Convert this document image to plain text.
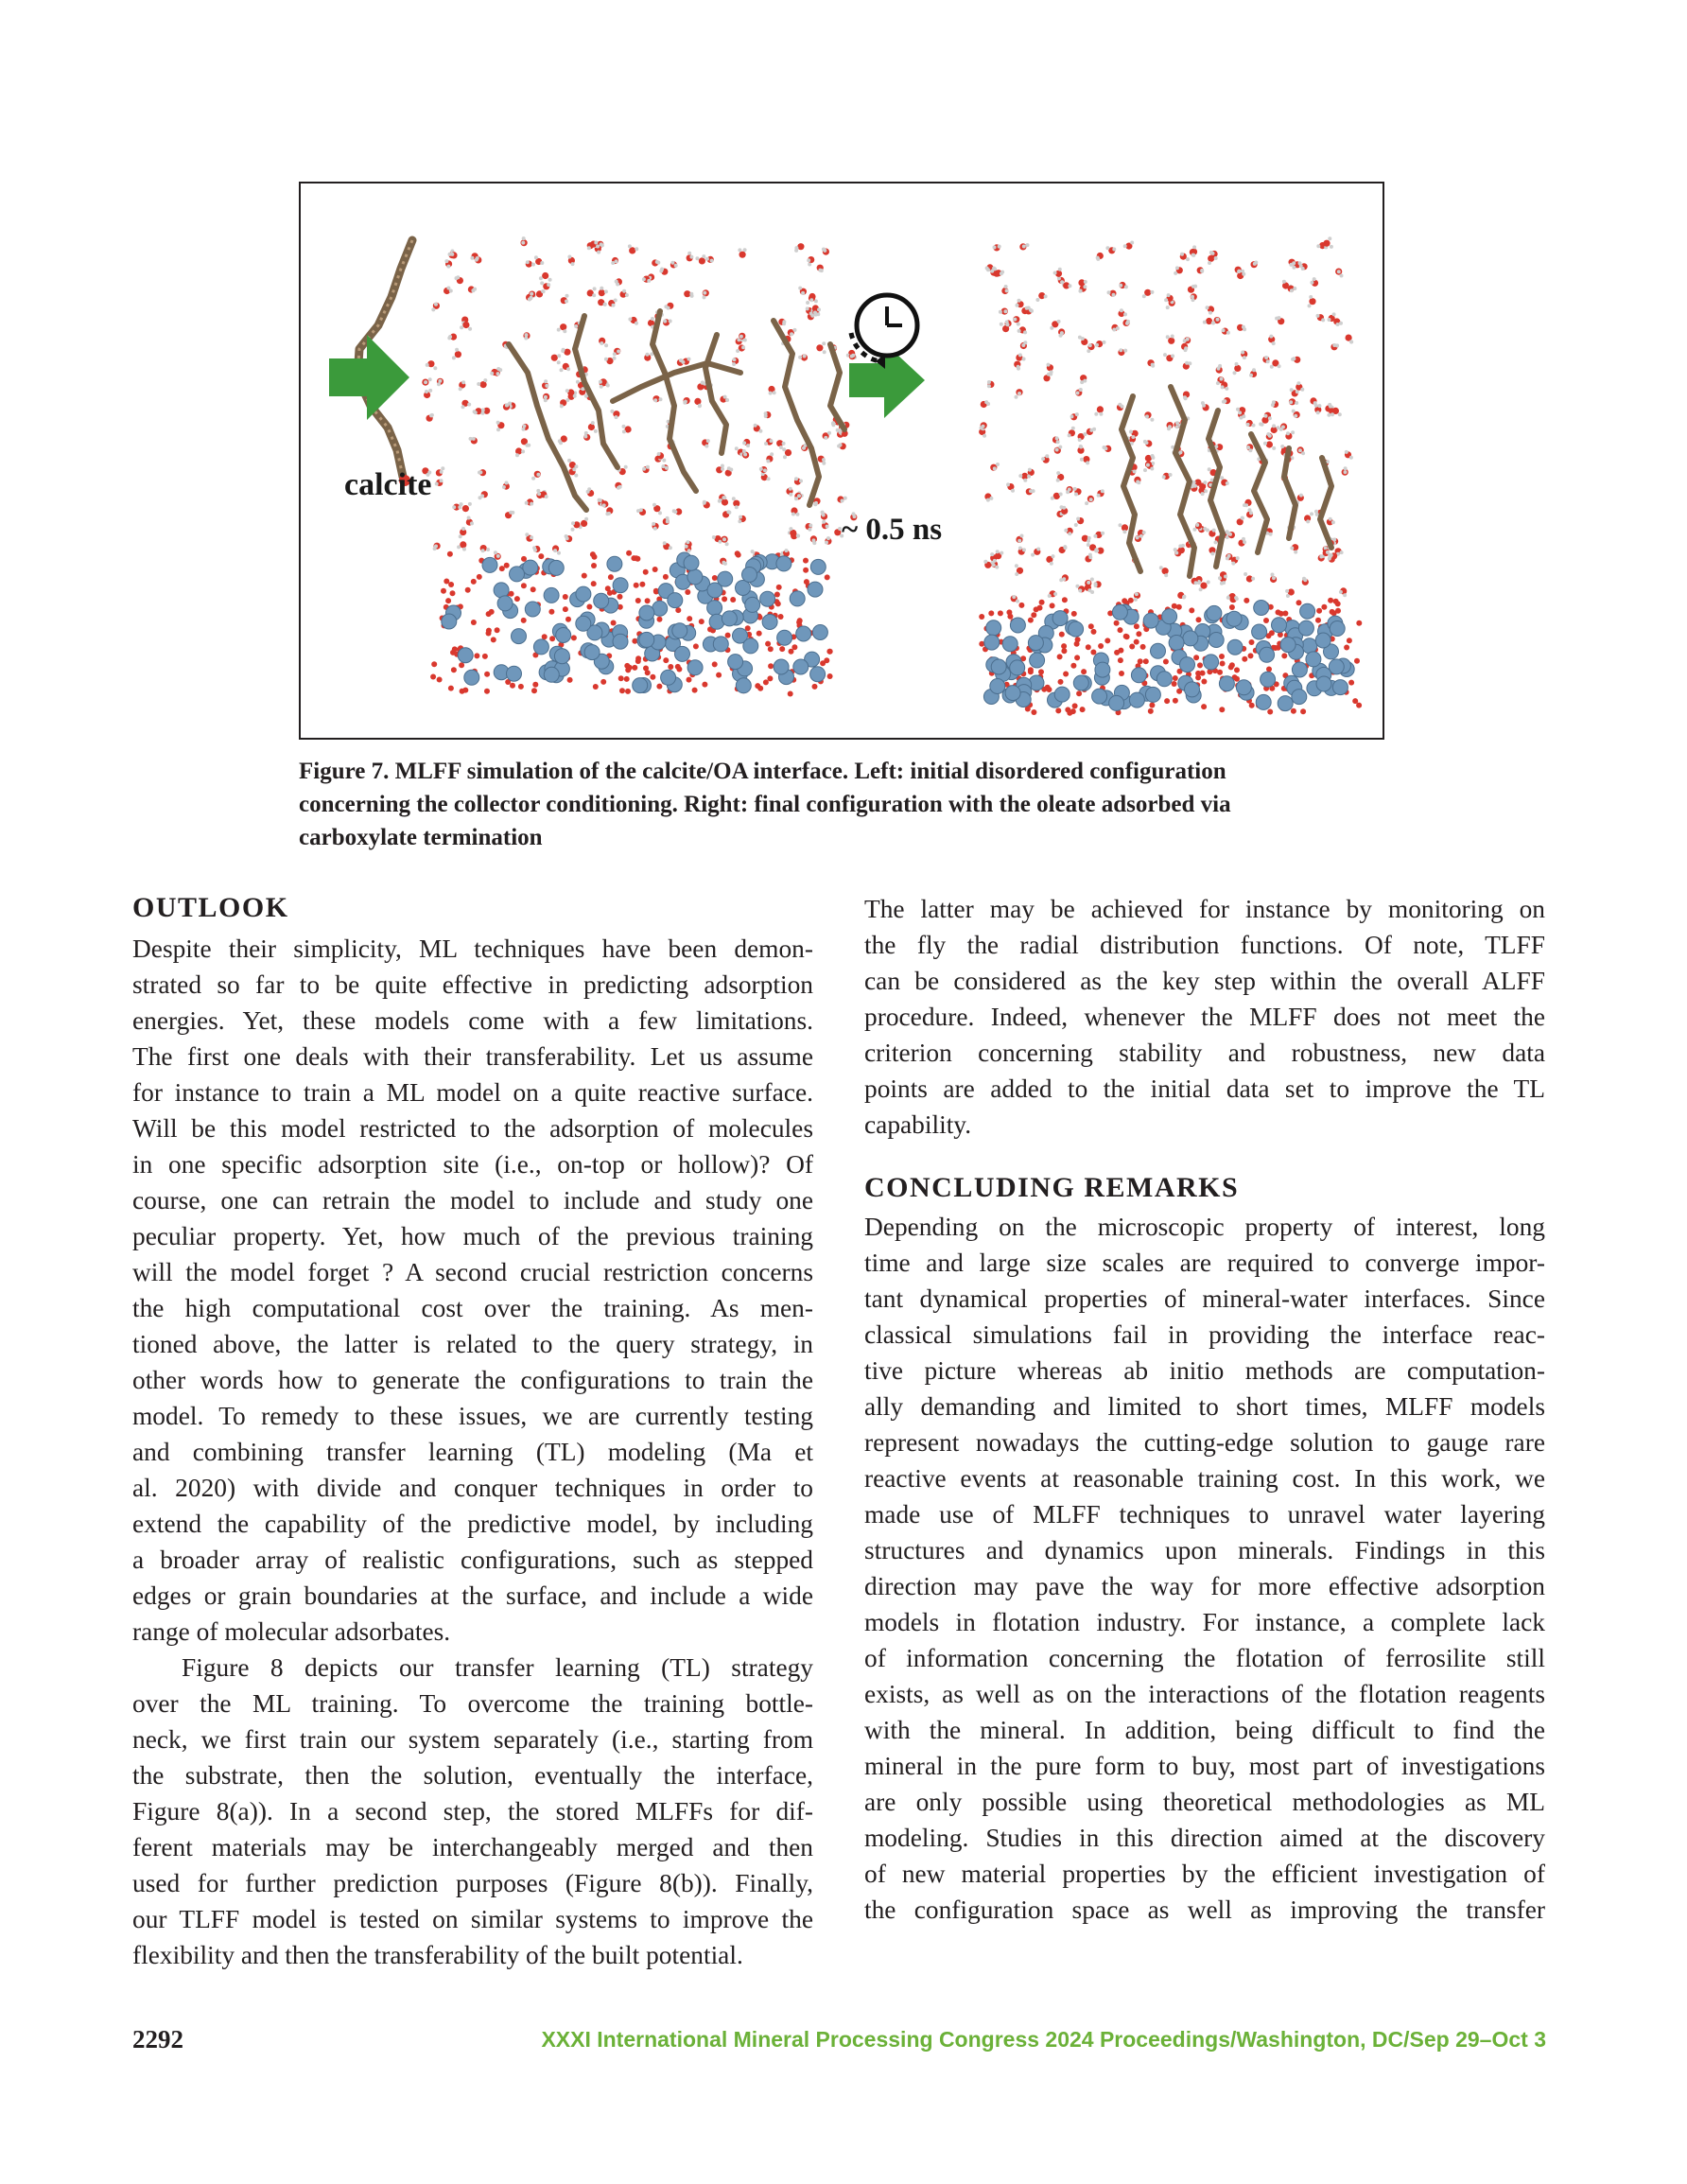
calcite
~ 0.5 ns
Figure 7. MLFF simulation of the calcite/OA interface. Left: initial disordered configuration
concerning the collector conditioning. Right: final configuration with the oleate adsorbed via
carboxylate termination
OUTLOOK
Despite their simplicity, ML techniques have been demon-
strated so far to be quite effective in predicting adsorption
energies. Yet, these models come with a few limitations.
The first one deals with their transferability. Let us assume
for instance to train a ML model on a quite reactive surface.
Will be this model restricted to the adsorption of molecules
in one specific adsorption site (i.e., on-top or hollow)? Of
course, one can retrain the model to include and study one
peculiar property. Yet, how much of the previous training
will the model forget ? A second crucial restriction concerns
the high computational cost over the training. As men-
tioned above, the latter is related to the query strategy, in
other words how to generate the configurations to train the
model. To remedy to these issues, we are currently testing
and combining transfer learning (TL) modeling (Ma et
al. 2020) with divide and conquer techniques in order to
extend the capability of the predictive model, by including
a broader array of realistic configurations, such as stepped
edges or grain boundaries at the surface, and include a wide
range of molecular adsorbates.
Figure 8 depicts our transfer learning (TL) strategy
over the ML training. To overcome the training bottle-
neck, we first train our system separately (i.e., starting from
the substrate, then the solution, eventually the interface,
Figure 8(a)). In a second step, the stored MLFFs for dif-
ferent materials may be interchangeably merged and then
used for further prediction purposes (Figure 8(b)). Finally,
our TLFF model is tested on similar systems to improve the
flexibility and then the transferability of the built potential.
The latter may be achieved for instance by monitoring on
the fly the radial distribution functions. Of note, TLFF
can be considered as the key step within the overall ALFF
procedure. Indeed, whenever the MLFF does not meet the
criterion concerning stability and robustness, new data
points are added to the initial data set to improve the TL
capability.
CONCLUDING REMARKS
Depending on the microscopic property of interest, long
time and large size scales are required to converge impor-
tant dynamical properties of mineral-water interfaces. Since
classical simulations fail in providing the interface reac-
tive picture whereas ab initio methods are computation-
ally demanding and limited to short times, MLFF models
represent nowadays the cutting-edge solution to gauge rare
reactive events at reasonable training cost. In this work, we
made use of MLFF techniques to unravel water layering
structures and dynamics upon minerals. Findings in this
direction may pave the way for more effective adsorption
models in flotation industry. For instance, a complete lack
of information concerning the flotation of ferrosilite still
exists, as well as on the interactions of the flotation reagents
with the mineral. In addition, being difficult to find the
mineral in the pure form to buy, most part of investigations
are only possible using theoretical methodologies as ML
modeling. Studies in this direction aimed at the discovery
of new material properties by the efficient investigation of
the configuration space as well as improving the transfer
2292	XXXI International Mineral Processing Congress 2024 Proceedings/Washington, DC/Sep 29–Oct 3
